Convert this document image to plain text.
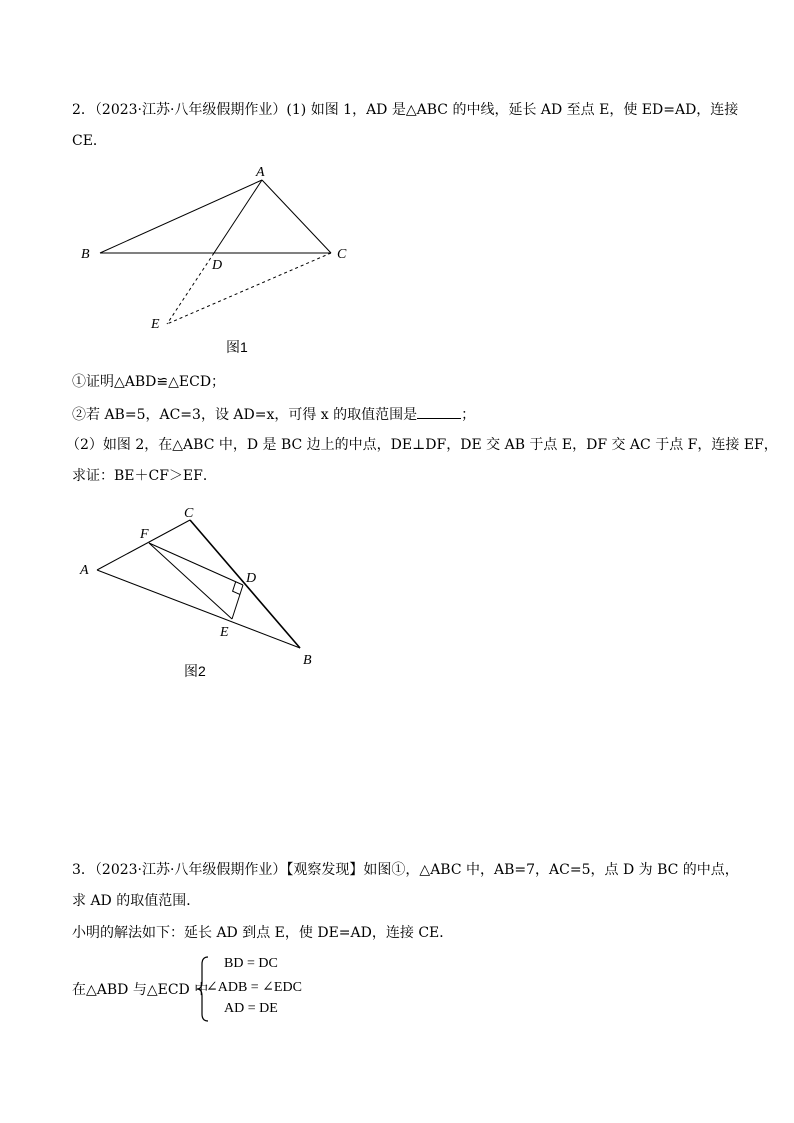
2．（2023·江苏·八年级假期作业）(1) 如图 1，AD 是△ABC 的中线，延长 AD 至点 E，使 ED=AD，连接
CE．
A
B	C
D
E
图1
①证明△ABD≌△ECD；
②若 AB=5，AC=3，设 AD=x，可得 x 的取值范围是	；
（2）如图 2，在△ABC 中，D 是 BC 边上的中点，DE⊥DF，DE 交 AB 于点 E，DF 交 AC 于点 F，连接 EF，
求证：BE＋CF＞EF．
C
F
A
D
E
B
图2
3．（2023·江苏·八年级假期作业）【观察发现】如图①，△ABC 中，AB=7，AC=5，点 D 为 BC 的中点，
求 AD 的取值范围．
小明的解法如下：延长 AD 到点 E，使 DE=AD，连接 CE．
在△ABD 与△ECD 中
BD = DC
∠ADB = ∠EDC
AD = DE
